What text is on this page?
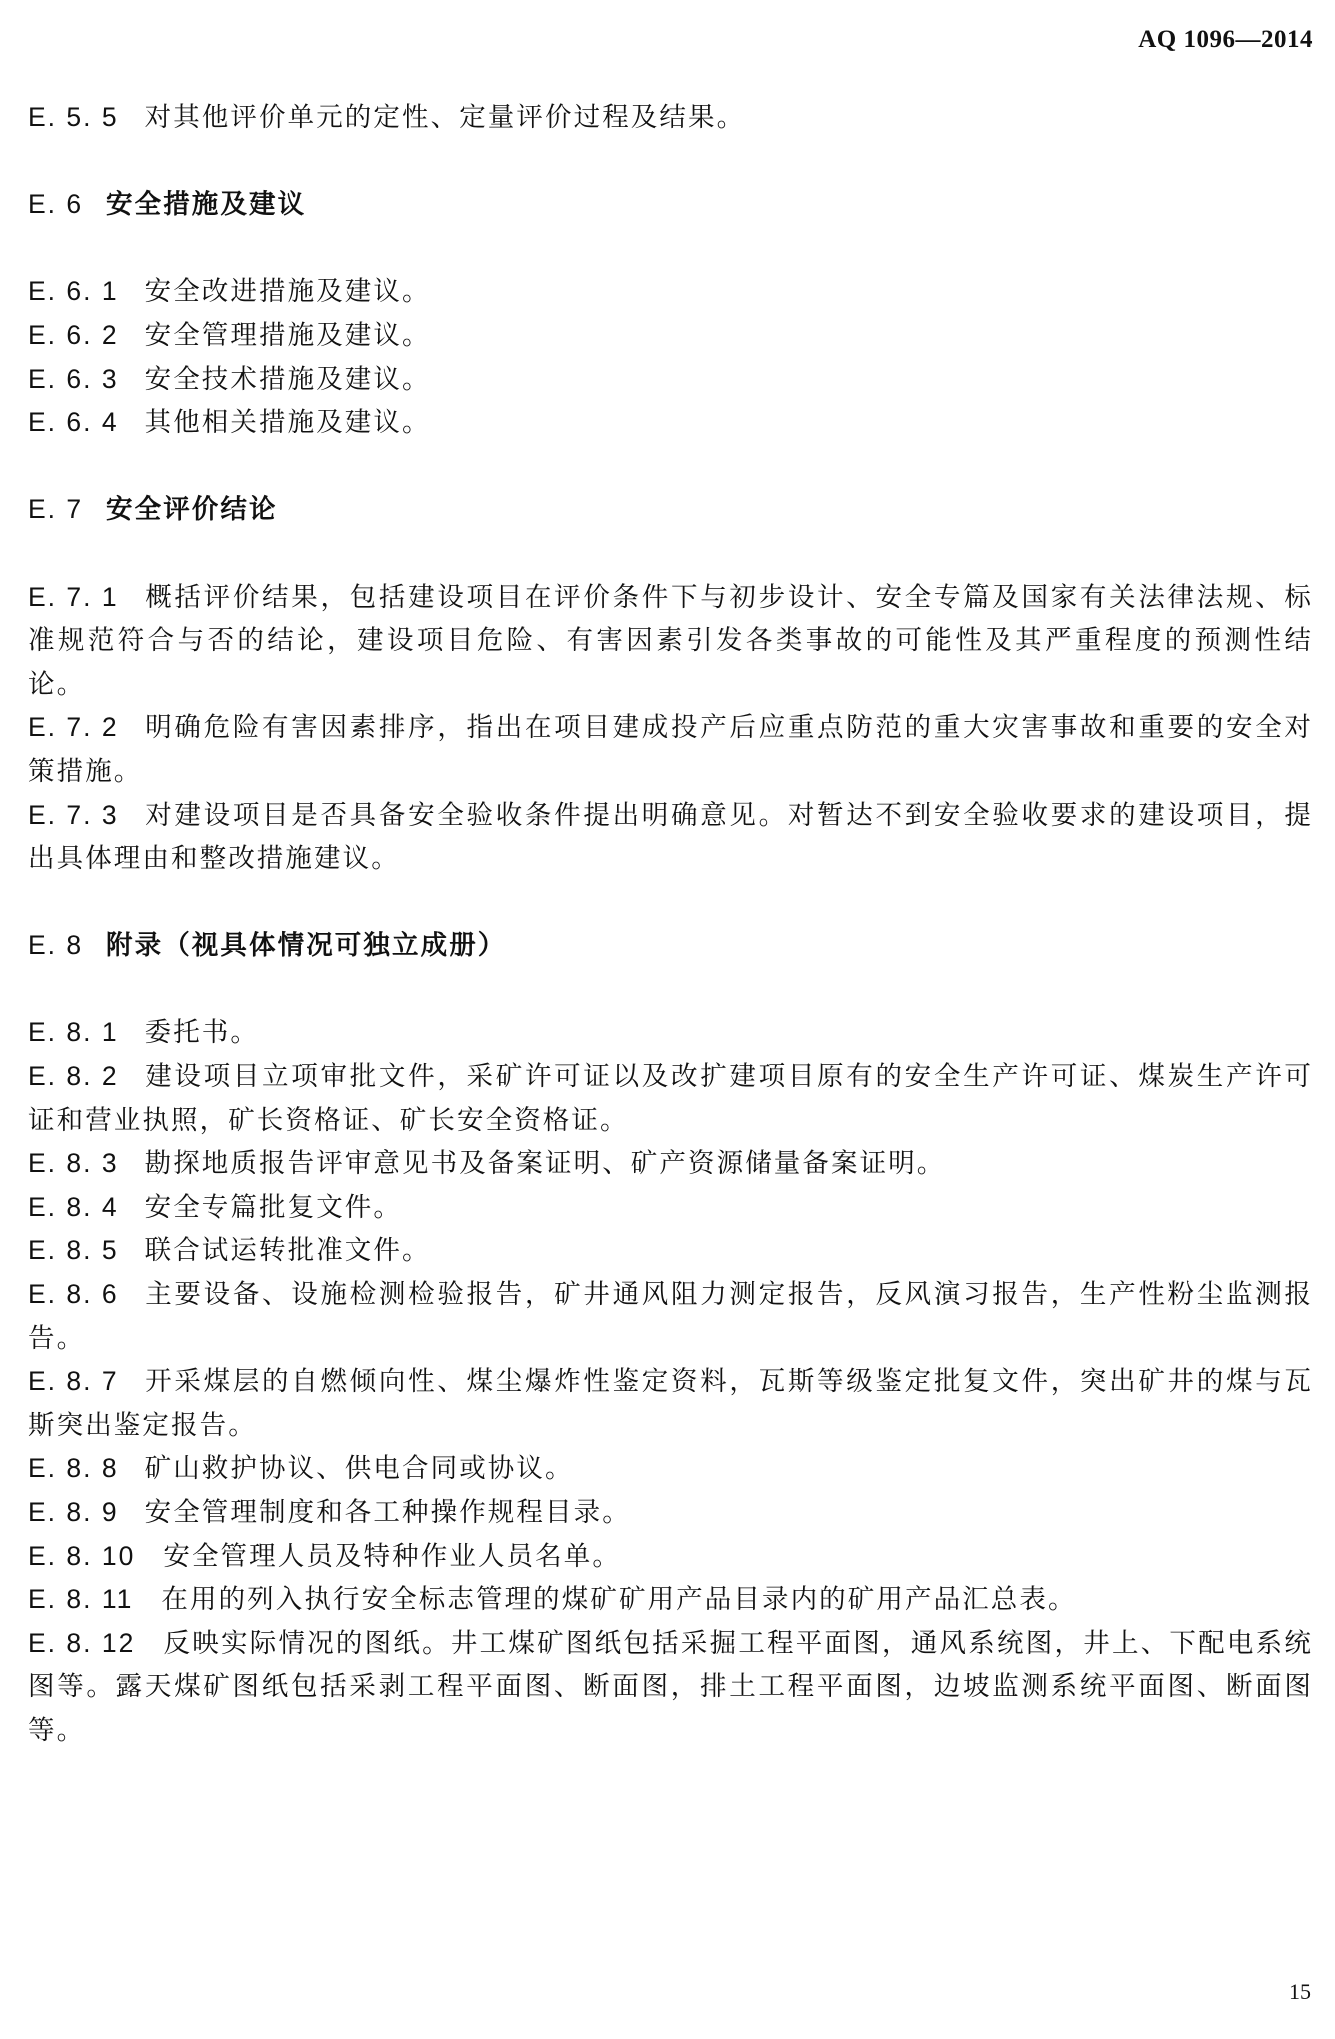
AQ 1096—2014
E. 5. 5 对其他评价单元的定性、定量评价过程及结果。
E. 6 安全措施及建议
E. 6. 1 安全改进措施及建议。
E. 6. 2 安全管理措施及建议。
E. 6. 3 安全技术措施及建议。
E. 6. 4 其他相关措施及建议。
E. 7 安全评价结论
E. 7. 1 概括评价结果，包括建设项目在评价条件下与初步设计、安全专篇及国家有关法律法规、标准规范符合与否的结论，建设项目危险、有害因素引发各类事故的可能性及其严重程度的预测性结论。
E. 7. 2 明确危险有害因素排序，指出在项目建成投产后应重点防范的重大灾害事故和重要的安全对策措施。
E. 7. 3 对建设项目是否具备安全验收条件提出明确意见。对暂达不到安全验收要求的建设项目，提出具体理由和整改措施建议。
E. 8 附录（视具体情况可独立成册）
E. 8. 1 委托书。
E. 8. 2 建设项目立项审批文件，采矿许可证以及改扩建项目原有的安全生产许可证、煤炭生产许可证和营业执照，矿长资格证、矿长安全资格证。
E. 8. 3 勘探地质报告评审意见书及备案证明、矿产资源储量备案证明。
E. 8. 4 安全专篇批复文件。
E. 8. 5 联合试运转批准文件。
E. 8. 6 主要设备、设施检测检验报告，矿井通风阻力测定报告，反风演习报告，生产性粉尘监测报告。
E. 8. 7 开采煤层的自燃倾向性、煤尘爆炸性鉴定资料，瓦斯等级鉴定批复文件，突出矿井的煤与瓦斯突出鉴定报告。
E. 8. 8 矿山救护协议、供电合同或协议。
E. 8. 9 安全管理制度和各工种操作规程目录。
E. 8. 10 安全管理人员及特种作业人员名单。
E. 8. 11 在用的列入执行安全标志管理的煤矿矿用产品目录内的矿用产品汇总表。
E. 8. 12 反映实际情况的图纸。井工煤矿图纸包括采掘工程平面图，通风系统图，井上、下配电系统图等。露天煤矿图纸包括采剥工程平面图、断面图，排土工程平面图，边坡监测系统平面图、断面图等。
15
